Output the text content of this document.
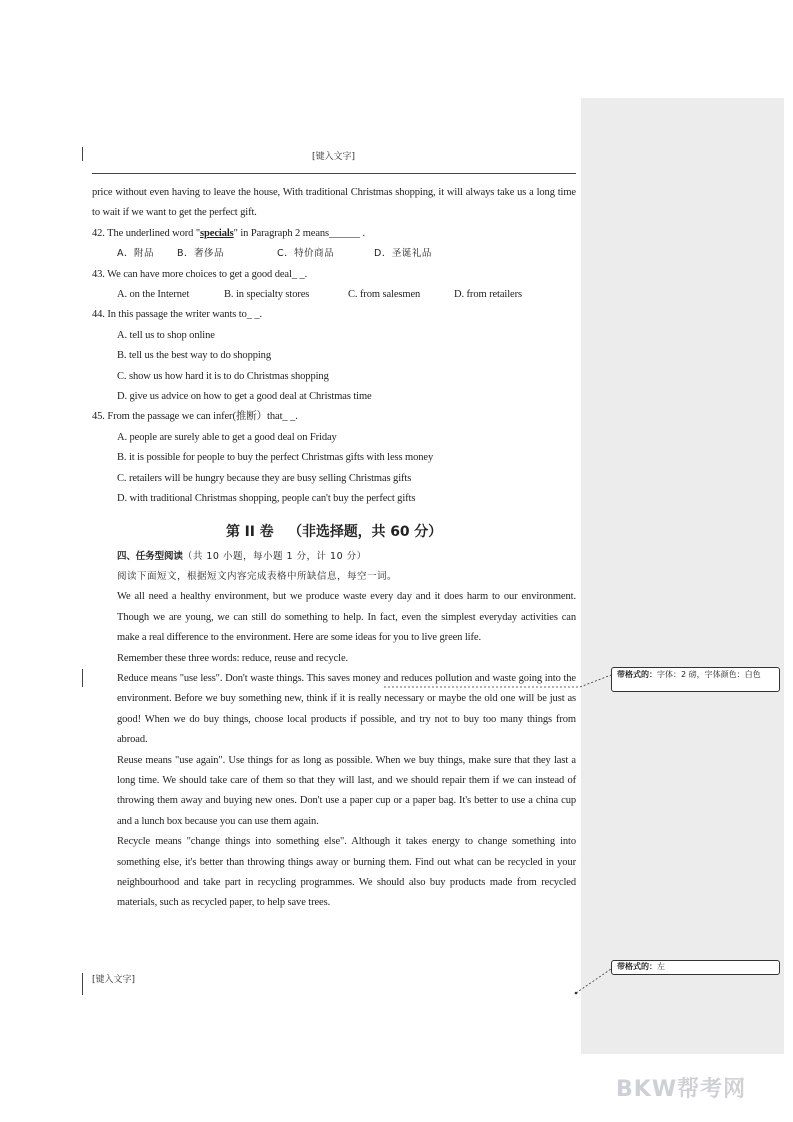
[键入文字]

price without even having to leave the house, With traditional Christmas shopping, it will always take us a long time to wait if we want to get the perfect gift.

42. The underlined word "specials" in Paragraph 2 means______ .

A．附品	B．奢侈品	C．特价商品	D．圣诞礼品

43. We can have more choices to get a good deal_ _.

A. on the Internet	B. in specialty stores	C. from salesmen	D. from retailers

44. In this passage the writer wants to_ _.

A. tell us to shop online

B. tell us the best way to do shopping

C. show us how hard it is to do Christmas shopping

D. give us advice on how to get a good deal at Christmas time

45. From the passage we can infer(推断）that_ _.

A. people are surely able to get a good deal on Friday

B. it is possible for people to buy the perfect Christmas gifts with less money

C. retailers will be hungry because they are busy selling Christmas gifts

D. with traditional Christmas shopping, people can't buy the perfect gifts

第 II 卷 （非选择题，共 60 分）

四、任务型阅读（共 10 小题，每小题 1 分，计 10 分）

阅读下面短文，根据短文内容完成表格中所缺信息，每空一词。

We all need a healthy environment, but we produce waste every day and it does harm to our environment. Though we are young, we can still do something to help. In fact, even the simplest everyday activities can make a real difference to the environment. Here are some ideas for you to live green life.

Remember these three words: reduce, reuse and recycle.

Reduce means "use less". Don't waste things. This saves money and reduces pollution and waste going into the environment. Before we buy something new, think if it is really necessary or maybe the old one will be just as good! When we do buy things, choose local products if possible, and try not to buy too many things from abroad.

Reuse means "use again". Use things for as long as possible. When we buy things, make sure that they last a long time. We should take care of them so that they will last, and we should repair them if we can instead of throwing them away and buying new ones. Don't use a paper cup or a paper bag. It's better to use a china cup and a lunch box because you can use them again.

Recycle means "change things into something else". Although it takes energy to change something into something else, it's better than throwing things away or burning them. Find out what can be recycled in your neighbourhood and take part in recycling programmes. We should also buy products made from recycled materials, such as recycled paper, to help save trees.

[键入文字]
带格式的：字体：2 磅，字体颜色：白色
带格式的：左
BKW帮考网
